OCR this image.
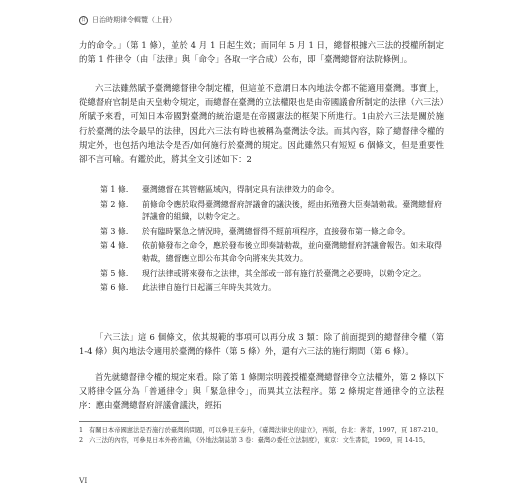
日 日治時期律令輯覽（上冊）

力的命令。」（第 1 條），並於 4 月 1 日起生效；而同年 5 月 1 日，總督根據六三法的授權所制定的第 1 件律令（由「法律」與「命令」各取一字合成）公布，即「臺灣總督府法院條例」。

六三法雖然賦予臺灣總督律令制定權，但這並不意謂日本內地法令都不能適用臺灣。事實上，從總督府官制是由天皇勅令規定，而總督在臺灣的立法權限也是由帝國議會所制定的法律（六三法）所賦予來看，可知日本帝國對臺灣的統治還是在帝國憲法的框架下所進行。1由於六三法是關於施行於臺灣的法令最早的法律，因此六三法有時也被稱為臺灣法令法。而其內容，除了總督律令權的規定外，也包括內地法令是否/如何施行於臺灣的規定。因此雖然只有短短 6 個條文，但是重要性卻不言可喻。有鑑於此，將其全文引述如下：2

第 1 條．	臺灣總督在其管轄區域內，得制定具有法律效力的命令。
第 2 條．	前條命令應於取得臺灣總督府評議會的議決後，經由拓殖務大臣奏請勅裁。臺灣總督府評議會的組織，以勅令定之。
第 3 條．	於有臨時緊急之情況時，臺灣總督得不經前項程序，直接發布第一條之命令。
第 4 條．	依前條發布之命令，應於發布後立即奏請勅裁，並向臺灣總督府評議會報告。如未取得勅裁，總督應立即公布其命令向將來失其效力。
第 5 條．	現行法律或將來發布之法律，其全部或一部有施行於臺灣之必要時，以勅令定之。
第 6 條．	此法律自施行日起滿三年時失其效力。

「六三法」這 6 個條文，依其規範的事項可以再分成 3 類：除了前面提到的總督律令權（第 1-4 條）與內地法令適用於臺灣的條件（第 5 條）外，還有六三法的施行期間（第 6 條）。

首先就總督律令權的規定來看。除了第 1 條開宗明義授權臺灣總督律令立法權外，第 2 條以下又將律令區分為「普通律令」與「緊急律令」，而異其立法程序。第 2 條規定普通律令的立法程序：應由臺灣總督府評議會議決，經拓

1 有關日本帝國憲法是否施行於臺灣的問題，可以參見王泰升，《臺灣法律史的建立》，再版，台北：著者，1997，頁 187-210。
2 六三法的內容，可參見日本外務省編，《外地法制誌第 3 卷：臺灣の委任立法制度》，東京：文生書院，1969，頁 14-15。
VI
